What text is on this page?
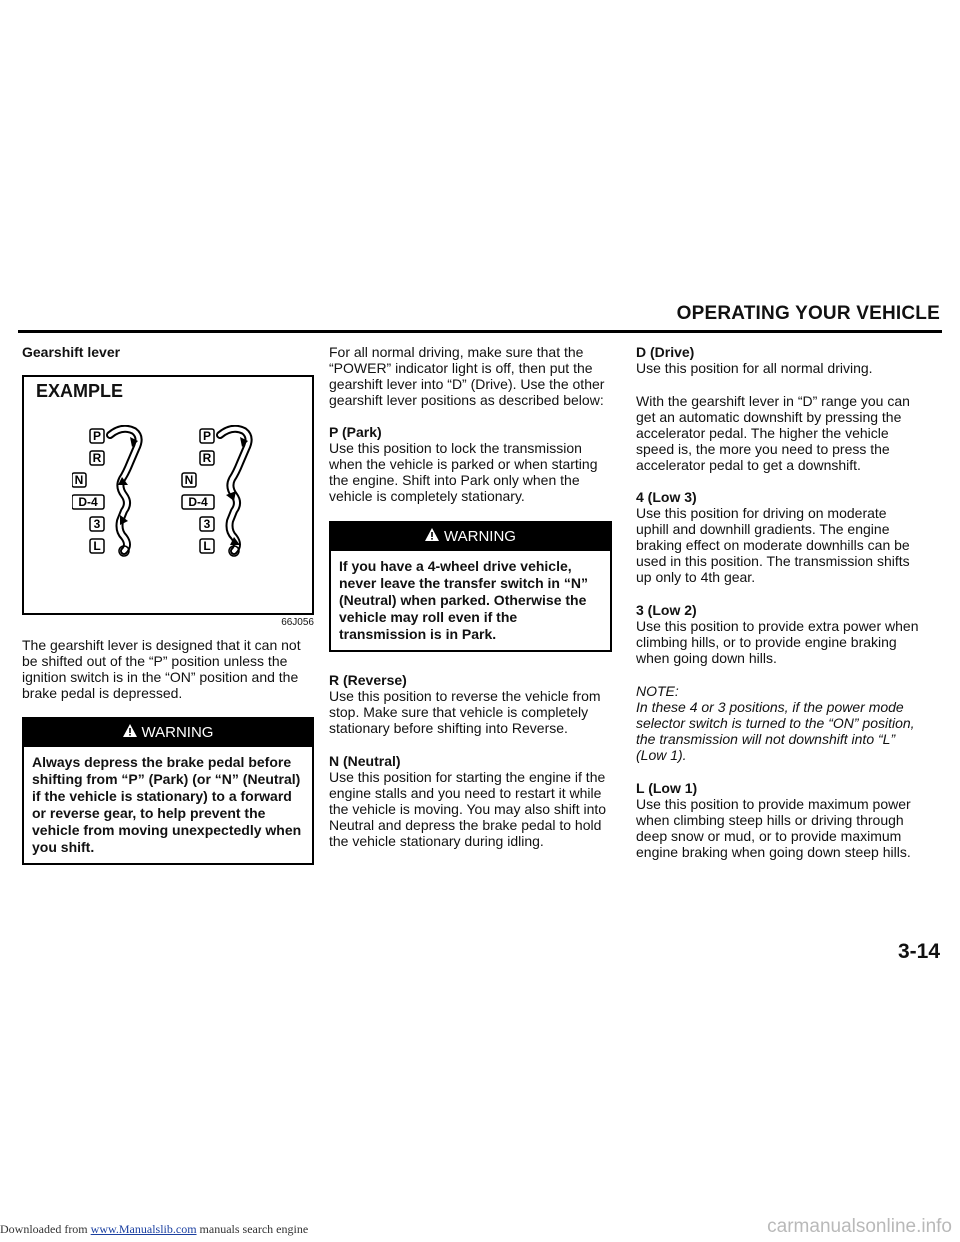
OPERATING YOUR VEHICLE
Gearshift lever
EXAMPLE
P
R
N
D-4
3
L
P
R
N
D-4
3
L
66J056

The gearshift lever is designed that it can not be shifted out of the “P” position unless the ignition switch is in the “ON” position and the brake pedal is depressed.

WARNING
Always depress the brake pedal before shifting from “P” (Park) (or “N” (Neutral) if the vehicle is stationary) to a forward or reverse gear, to help prevent the vehicle from moving unexpectedly when you shift.

For all normal driving, make sure that the “POWER” indicator light is off, then put the gearshift lever into “D” (Drive). Use the other gearshift lever positions as described below:

P (Park)
Use this position to lock the transmission when the vehicle is parked or when starting the engine. Shift into Park only when the vehicle is completely stationary.
WARNING
If you have a 4-wheel drive vehicle, never leave the transfer switch in “N” (Neutral) when parked. Otherwise the vehicle may roll even if the transmission is in Park.
R (Reverse)
Use this position to reverse the vehicle from stop. Make sure that vehicle is completely stationary before shifting into Reverse.
N (Neutral)
Use this position for starting the engine if the engine stalls and you need to restart it while the vehicle is moving. You may also shift into Neutral and depress the brake pedal to hold the vehicle stationary during idling.
D (Drive)
Use this position for all normal driving.

With the gearshift lever in “D” range you can get an automatic downshift by pressing the accelerator pedal. The higher the vehicle speed is, the more you need to press the accelerator pedal to get a downshift.

4 (Low 3)
Use this position for driving on moderate uphill and downhill gradients. The engine braking effect on moderate downhills can be used in this position. The transmission shifts up only to 4th gear.
3 (Low 2)
Use this position to provide extra power when climbing hills, or to provide engine braking when going down hills.
NOTE:
In these 4 or 3 positions, if the power mode selector switch is turned to the “ON” position, the transmission will not downshift into “L” (Low 1).
L (Low 1)
Use this position to provide maximum power when climbing steep hills or driving through deep snow or mud, or to provide maximum engine braking when going down steep hills.
3-14
Downloaded from www.Manualslib.com manuals search engine	carmanualsonline.info
